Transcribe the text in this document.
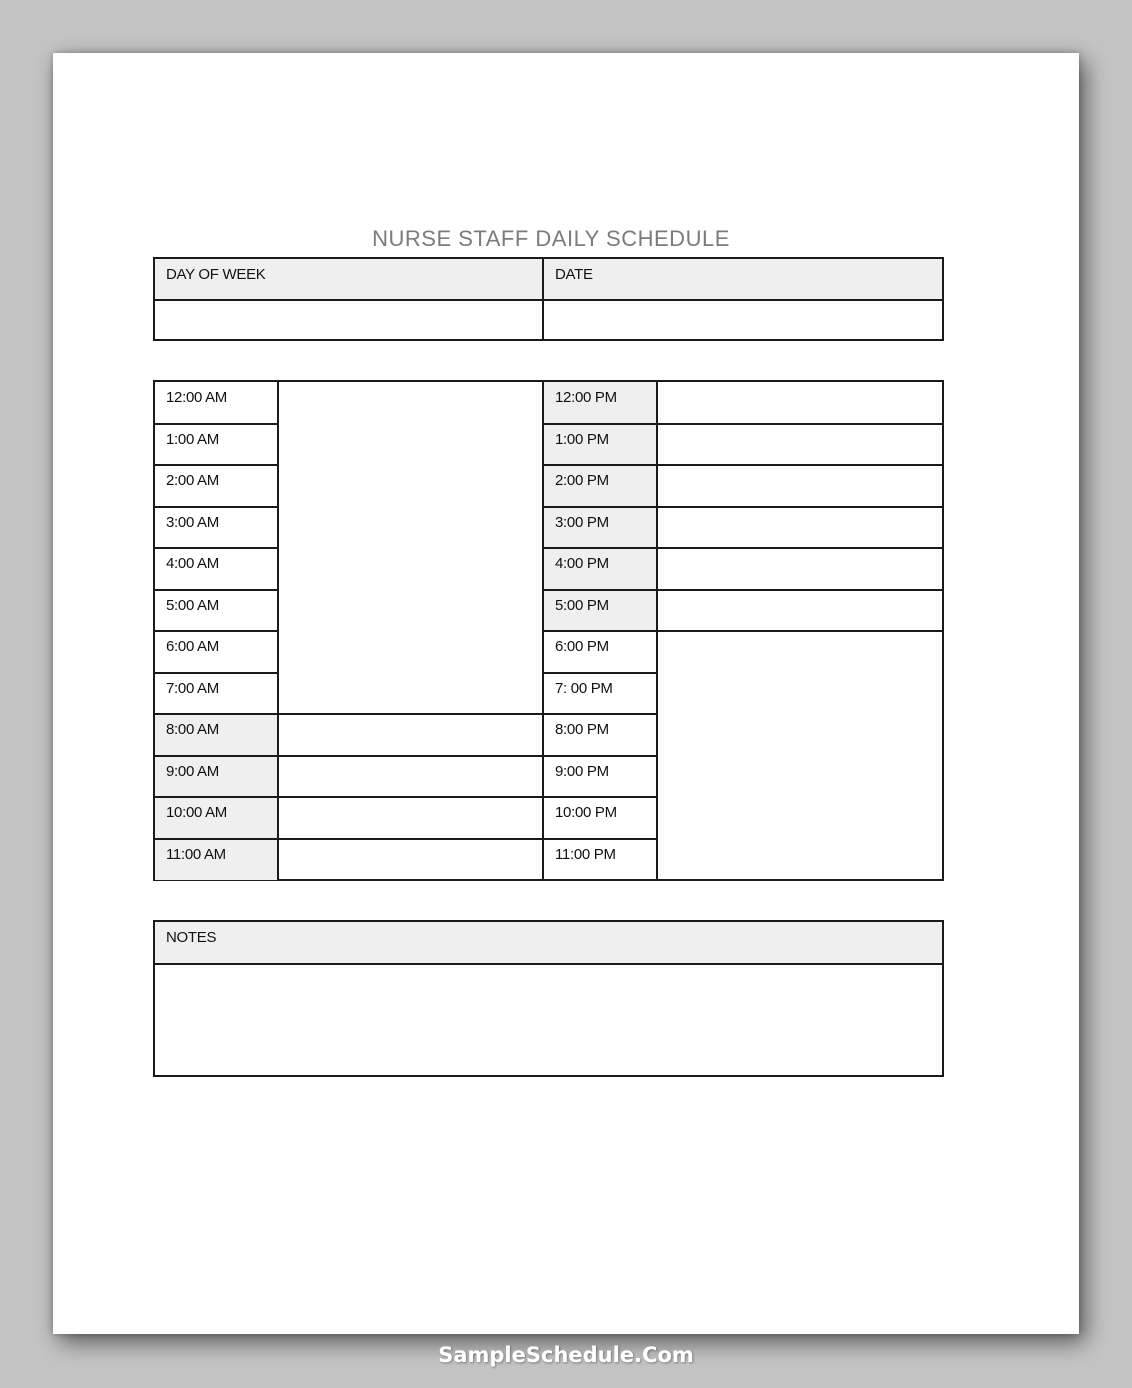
NURSE STAFF DAILY SCHEDULE
DAY OF WEEK	DATE
12:00 AM	12:00 PM
1:00 AM	1:00 PM
2:00 AM	2:00 PM
3:00 AM	3:00 PM
4:00 AM	4:00 PM
5:00 AM	5:00 PM
6:00 AM	6:00 PM
7:00 AM	7: 00 PM
8:00 AM	8:00 PM
9:00 AM	9:00 PM
10:00 AM	10:00 PM
11:00 AM	11:00 PM
NOTES
SampleSchedule.Com
